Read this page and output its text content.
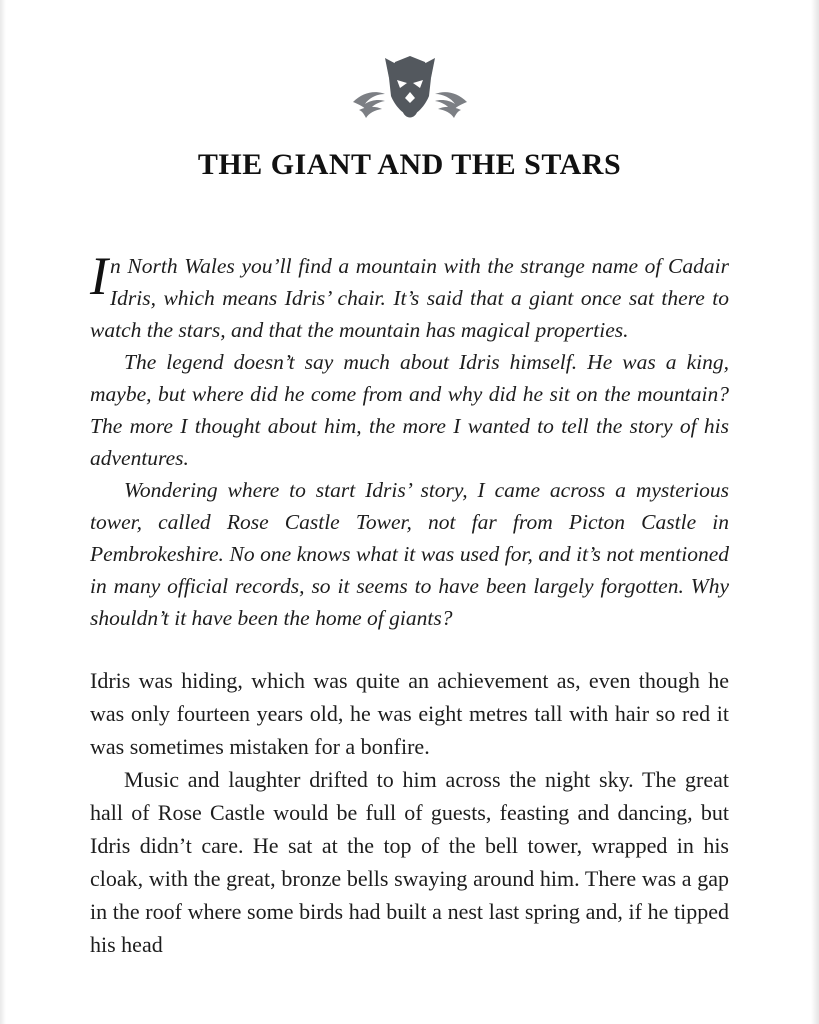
THE GIANT AND THE STARS

In North Wales you’ll find a mountain with the strange name of Cadair Idris, which means Idris’ chair. It’s said that a giant once sat there to watch the stars, and that the mountain has magical properties.

The legend doesn’t say much about Idris himself. He was a king, maybe, but where did he come from and why did he sit on the mountain? The more I thought about him, the more I wanted to tell the story of his adventures.

Wondering where to start Idris’ story, I came across a mysterious tower, called Rose Castle Tower, not far from Picton Castle in Pembrokeshire. No one knows what it was used for, and it’s not mentioned in many official records, so it seems to have been largely forgotten. Why shouldn’t it have been the home of giants?

Idris was hiding, which was quite an achievement as, even though he was only fourteen years old, he was eight metres tall with hair so red it was sometimes mistaken for a bonfire.

Music and laughter drifted to him across the night sky. The great hall of Rose Castle would be full of guests, feasting and dancing, but Idris didn’t care. He sat at the top of the bell tower, wrapped in his cloak, with the great, bronze bells swaying around him. There was a gap in the roof where some birds had built a nest last spring and, if he tipped his head
